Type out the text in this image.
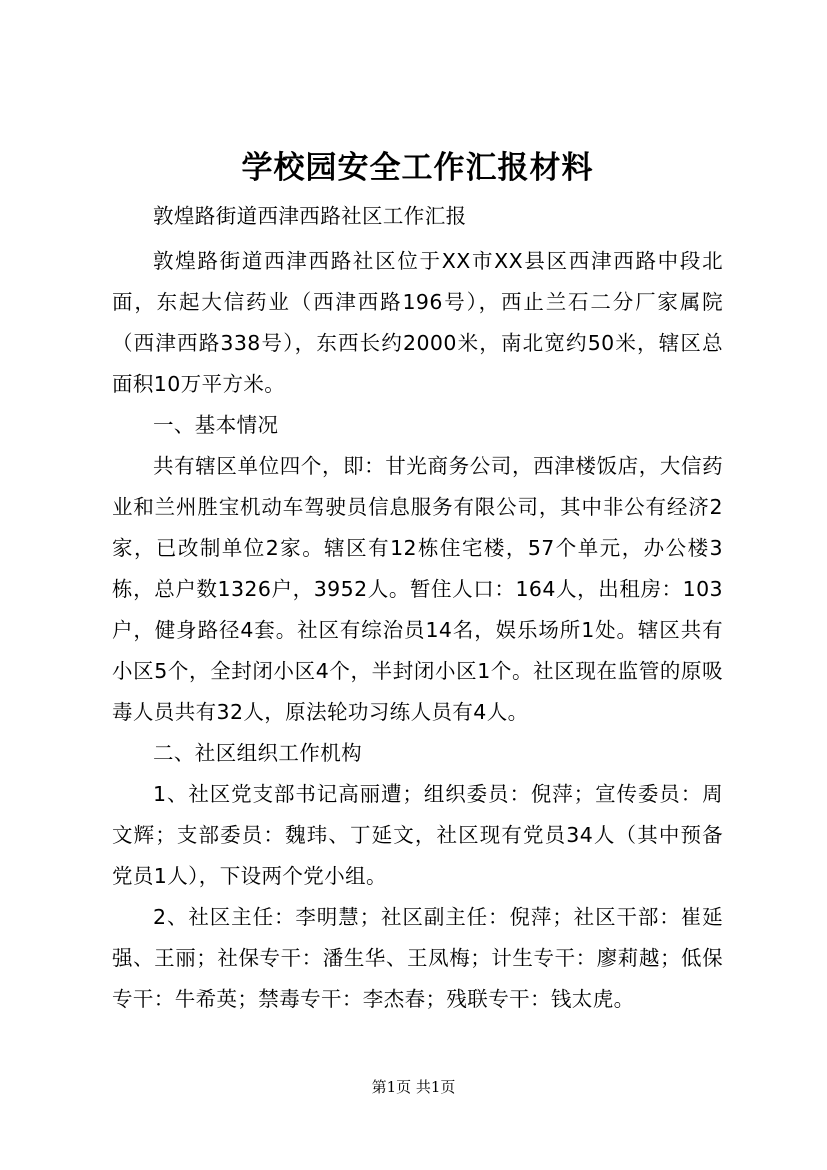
学校园安全工作汇报材料

敦煌路街道西津西路社区工作汇报

敦煌路街道西津西路社区位于XX市XX县区西津西路中段北面，东起大信药业（西津西路196号），西止兰石二分厂家属院（西津西路338号），东西长约2000米，南北宽约50米，辖区总面积10万平方米。

一、基本情况

共有辖区单位四个，即：甘光商务公司，西津楼饭店，大信药业和兰州胜宝机动车驾驶员信息服务有限公司，其中非公有经济2家，已改制单位2家。辖区有12栋住宅楼，57个单元，办公楼3栋，总户数1326户，3952人。暂住人口：164人，出租房：103户，健身路径4套。社区有综治员14名，娱乐场所1处。辖区共有小区5个，全封闭小区4个，半封闭小区1个。社区现在监管的原吸毒人员共有32人，原法轮功习练人员有4人。

二、社区组织工作机构

1、社区党支部书记高丽遭；组织委员：倪萍；宣传委员：周文辉；支部委员：魏玮、丁延文，社区现有党员34人（其中预备党员1人），下设两个党小组。

2、社区主任：李明慧；社区副主任：倪萍；社区干部：崔延强、王丽；社保专干：潘生华、王凤梅；计生专干：廖莉越；低保专干：牛希英；禁毒专干：李杰春；残联专干：钱太虎。

第1页 共1页
